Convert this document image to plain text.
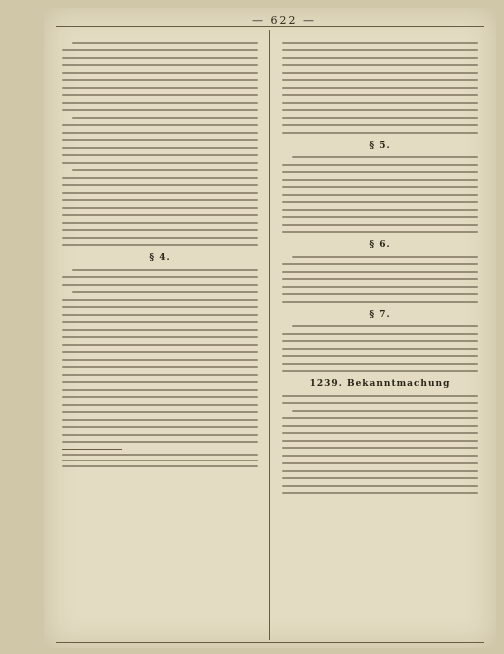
— 622 —
§ 4.
§ 5.
§ 6.
§ 7.
1239. Bekanntmachung
